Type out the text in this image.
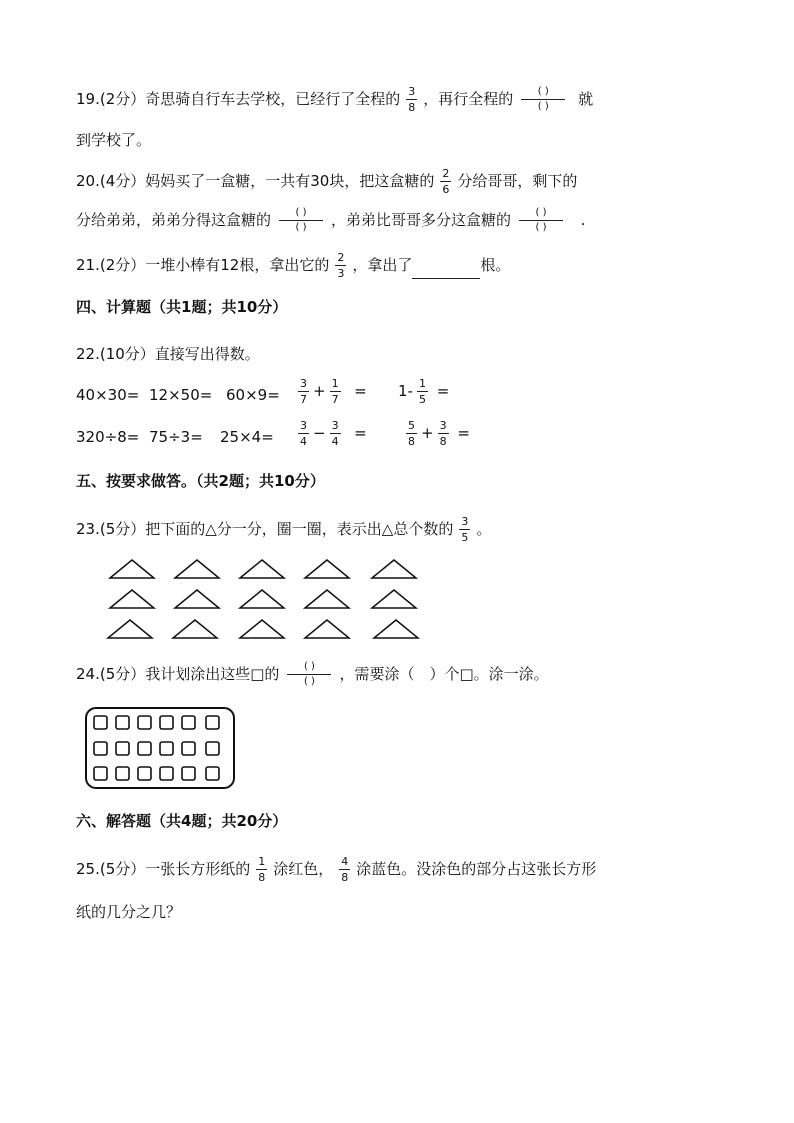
19.(2分）奇思骑自行车去学校，已经行了全程的 $\frac{3}{8}$ ，再行全程的	( )
( )	就
到学校了。
20.(4分）妈妈买了一盒糖，一共有30块，把这盒糖的 $\frac{2}{6}$ 分给哥哥，剩下的
分给弟弟，弟弟分得这盒糖的	( )
( )	，弟弟比哥哥多分这盒糖的	( )
( )	.
21.(2分）一堆小棒有12根，拿出它的 $\frac{2}{3}$ ，拿出了	根。
四、计算题（共1题；共10分）
22.(10分）直接写出得数。
$40\times 30= 12\times 50= 60\times 9= \frac{3}{7} + \frac{1}{7} = 1- \frac{1}{5}$ =
$320\div 8= 75\div 3= 25\times 4= \frac{3}{4} - \frac{3}{4}$ =	$\frac{5}{8} + \frac{3}{8}$ =
五、按要求做答。（共2题；共10分）
23.(5分）把下面的△分一分，圈一圈，表示出△总个数的 $\frac{3}{5}$ 。
24.(5分）我计划涂出这些□的	( )
( )	，需要涂（　）个□。涂一涂。
六、解答题（共4题；共20分）
25.(5分）一张长方形纸的 $\frac{1}{8}$ 涂红色， $\frac{4}{8}$ 涂蓝色。没涂色的部分占这张长方形
纸的几分之几？
